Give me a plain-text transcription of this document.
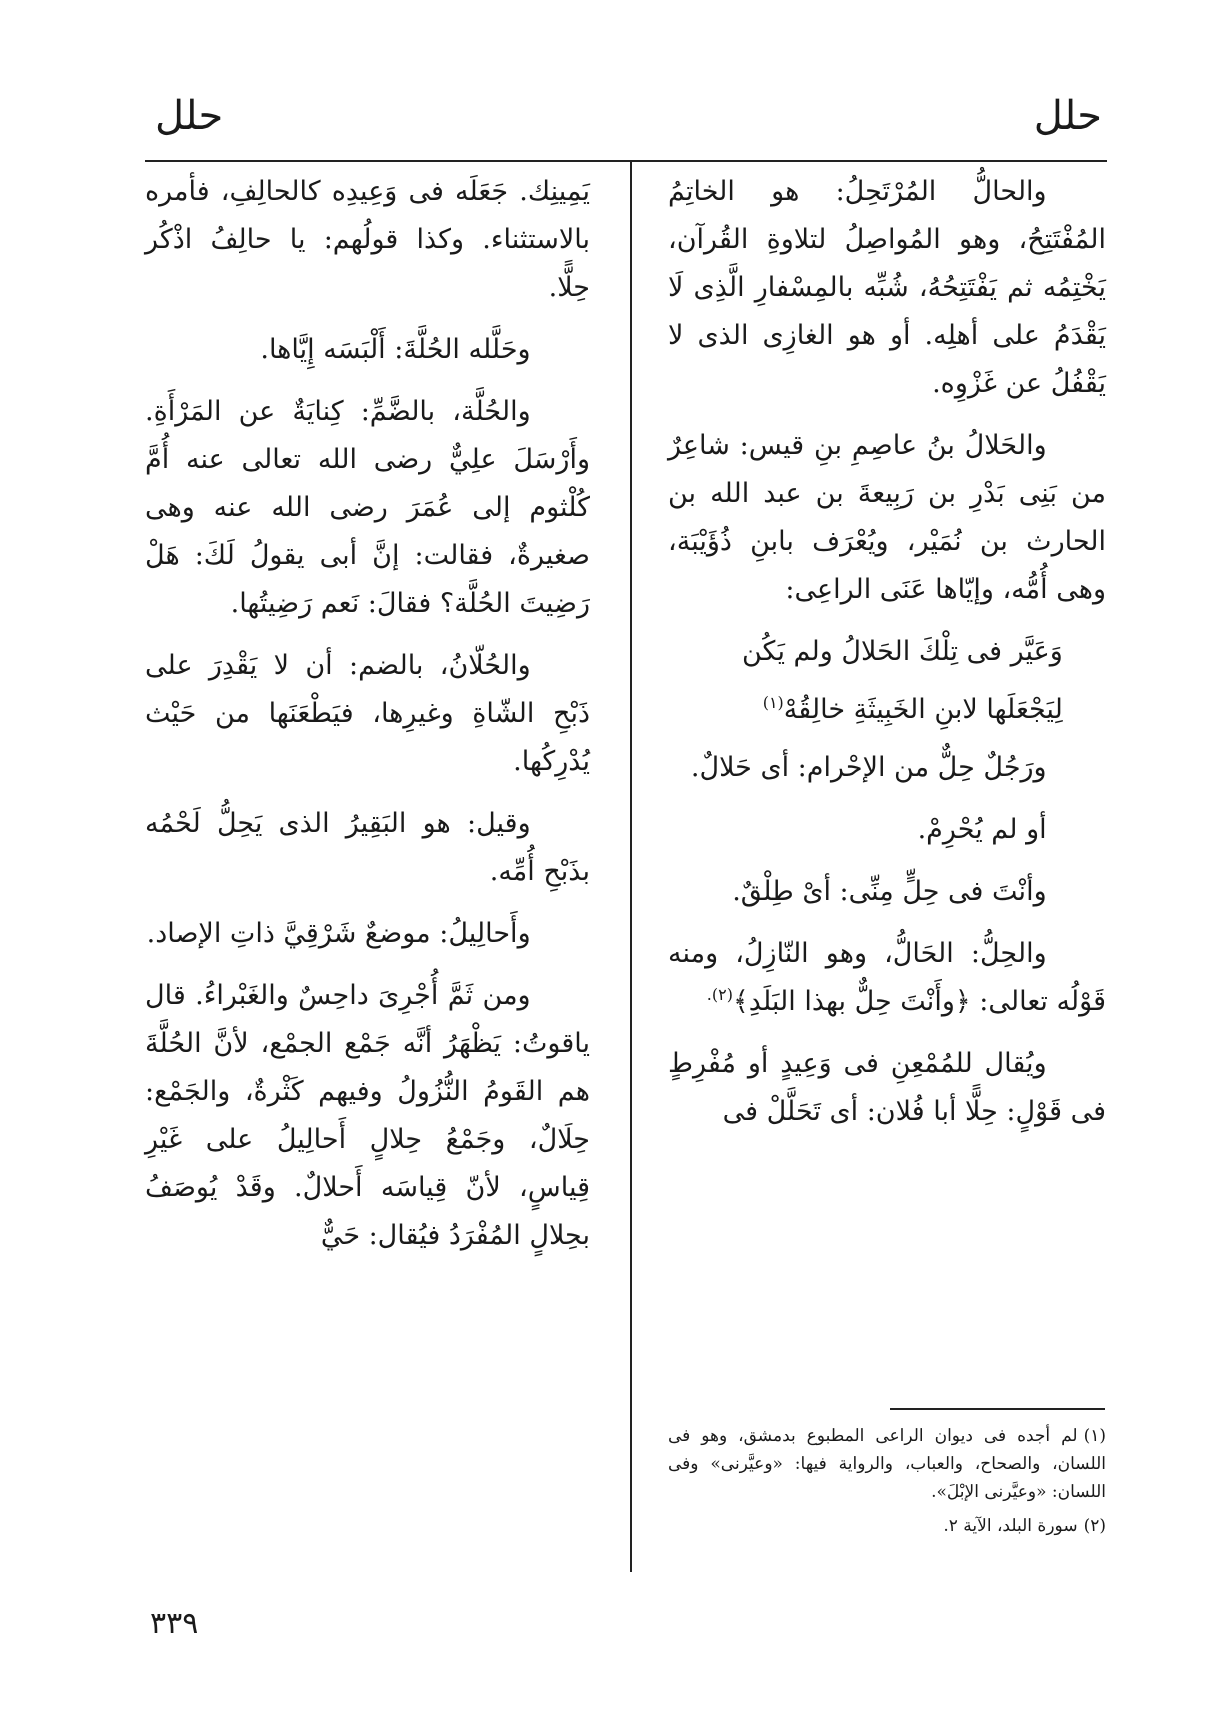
حلل
حلل

والحالُّ المُرْتَحِلُ: هو الخاتِمُ المُفْتَتِحُ، وهو المُواصِلُ لتلاوةِ القُرآن، يَخْتِمُه ثم يَفْتَتِحُهُ، شُبِّه بالمِسْفارِ الَّذِى لَا يَقْدَمُ على أهلِه. أو هو الغازِى الذى لا يَقْفُلُ عن غَزْوِه.

والحَلالُ بنُ عاصِمِ بنِ قيس: شاعِرٌ من بَنِى بَدْرِ بن رَبِيعةَ بن عبد الله بن الحارث بن نُمَيْر، ويُعْرَف بابنِ ذُؤَيْبَة، وهى أُمُّه، وإيّاها عَنَى الراعِى:

وَعَيَّر فى تِلْكَ الحَلالُ ولم يَكُن

لِيَجْعَلَها لابنِ الخَبِيثَةِ خالِقُهْ$^{(١)}$

ورَجُلٌ حِلٌّ من الإحْرام: أى حَلالٌ.

أو لم يُحْرِمْ.

وأنْتَ فى حِلٍّ مِنِّى: أىْ طِلْقٌ.

والحِلُّ: الحَالُّ، وهو النّازِلُ، ومنه قَوْلُه تعالى: ﴿وأَنْتَ حِلٌّ بهذا البَلَدِ﴾$^{(٢).}$

ويُقال للمُمْعِنِ فى وَعِيدٍ أو مُفْرِطٍ فى قَوْلٍ: حِلًّا أبا فُلان: أى تَحَلَّلْ فى

يَمِينِك. جَعَلَه فى وَعِيدِه كالحالِفِ، فأمره بالاستثناء. وكذا قولُهم: يا حالِفُ اذْكُر حِلًّا.

وحَلَّله الحُلَّةَ: أَلْبَسَه إِيَّاها.

والحُلَّة، بالضَّمِّ: كِنايَةٌ عن المَرْأَةِ. وأَرْسَلَ علِيٌّ رضى الله تعالى عنه أُمَّ كُلْثوم إلى عُمَرَ رضى الله عنه وهى صغيرةٌ، فقالت: إنَّ أبى يقولُ لَكَ: هَلْ رَضِيتَ الحُلَّة؟ فقالَ: نَعم رَضِيتُها.

والحُلّانُ، بالضم: أن لا يَقْدِرَ على ذَبْحِ الشّاةِ وغيرِها، فيَطْعَنَها من حَيْث يُدْرِكُها.

وقيل: هو البَقِيرُ الذى يَحِلُّ لَحْمُه بذَبْحِ أُمِّه.

وأَحالِيلُ: موضعٌ شَرْقِيَّ ذاتِ الإصاد.

ومن ثَمَّ أُجْرِىَ داحِسٌ والغَبْراءُ. قال ياقوتُ: يَظْهَرُ أنَّه جَمْع الجمْع، لأنَّ الحُلَّةَ هم القَومُ النُّزُولُ وفيهم كَثْرةٌ، والجَمْع: حِلَالٌ، وجَمْعُ حِلالٍ أَحالِيلُ على غَيْرِ قِياسٍ، لأنّ قِياسَه أَحلالٌ. وقَدْ يُوصَفُ بحِلالٍ المُفْرَدُ فيُقال: حَيٌّ

(١)لم أجده فى ديوان الراعى المطبوع بدمشق، وهو فى اللسان، والصحاح، والعباب، والرواية فيها: «وعيَّرنى» وفى اللسان: «وعيَّرنى الإبْلَ».

(٢)سورة البلد، الآية ٢.

٣٣٩
